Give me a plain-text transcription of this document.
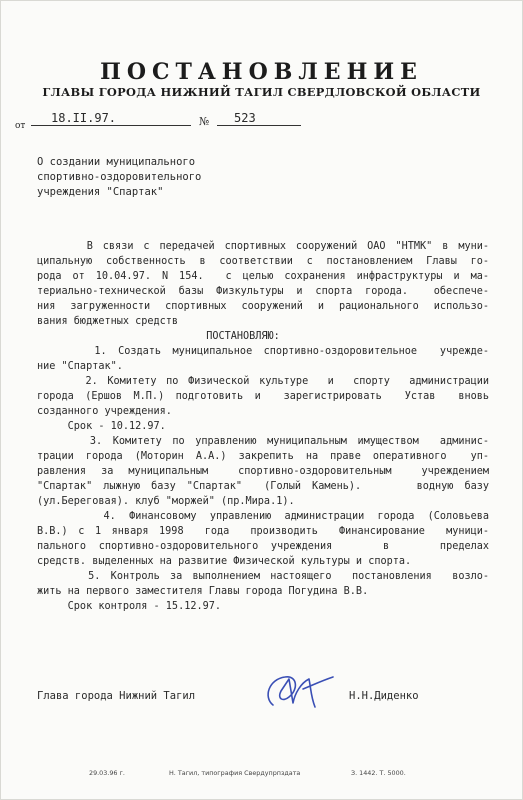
ПОСТАНОВЛЕНИЕ
ГЛАВЫ ГОРОДА НИЖНИЙ ТАГИЛ СВЕРДЛОВСКОЙ ОБЛАСТИ
от
18.II.97.	№ 523
О создании муниципального
спортивно-оздоровительного
учреждения "Спартак"
В связи с передачей спортивных сооружений ОАО "НТМК" в муни-
ципальную собственность в соответствии с постановлением Главы го-
рода от 10.04.97. N 154.  с целью сохранения инфраструктуры и ма-
териально-технической базы Физкультуры и спорта города.  обеспече-
ния загруженности спортивных сооружений и рационального использо-
вания бюджетных средств
ПОСТАНОВЛЯЮ:
1. Создать муниципальное спортивно-оздоровительное  учрежде-
ние "Спартак".
2. Комитету по Физической культуре  и  спорту  администрации
города (Ершов М.П.) подготовить и  зарегистрировать  Устав  вновь
созданного учреждения.
Срок - 10.12.97.
3. Комитету по управлению муниципальным имуществом  админис-
трации города (Моторин А.А.) закрепить на праве оперативного  уп-
равления за муниципальным  спортивно-оздоровительным  учреждением
"Спартак" лыжную базу "Спартак"  (Голый Камень).     водную базу
(ул.Береговая). клуб "моржей" (пр.Мира.1).
4. Финансовому управлению администрации города (Соловьева
В.В.) с 1 января 1998  года  производить  Финансирование  муници-
пального спортивно-оздоровительного учреждения    в    пределах
средств. выделенных на развитие Физической культуры и спорта.
5. Контроль за выполнением настоящего  постановления  возло-
жить на первого заместителя Главы города Погудина В.В.
Срок контроля - 15.12.97.
Глава города Нижний Тагил	Н.Н.Диденко
29.03.96 г.	Н. Тагил, типография Свердупрпздата	З. 1442. Т. 5000.
